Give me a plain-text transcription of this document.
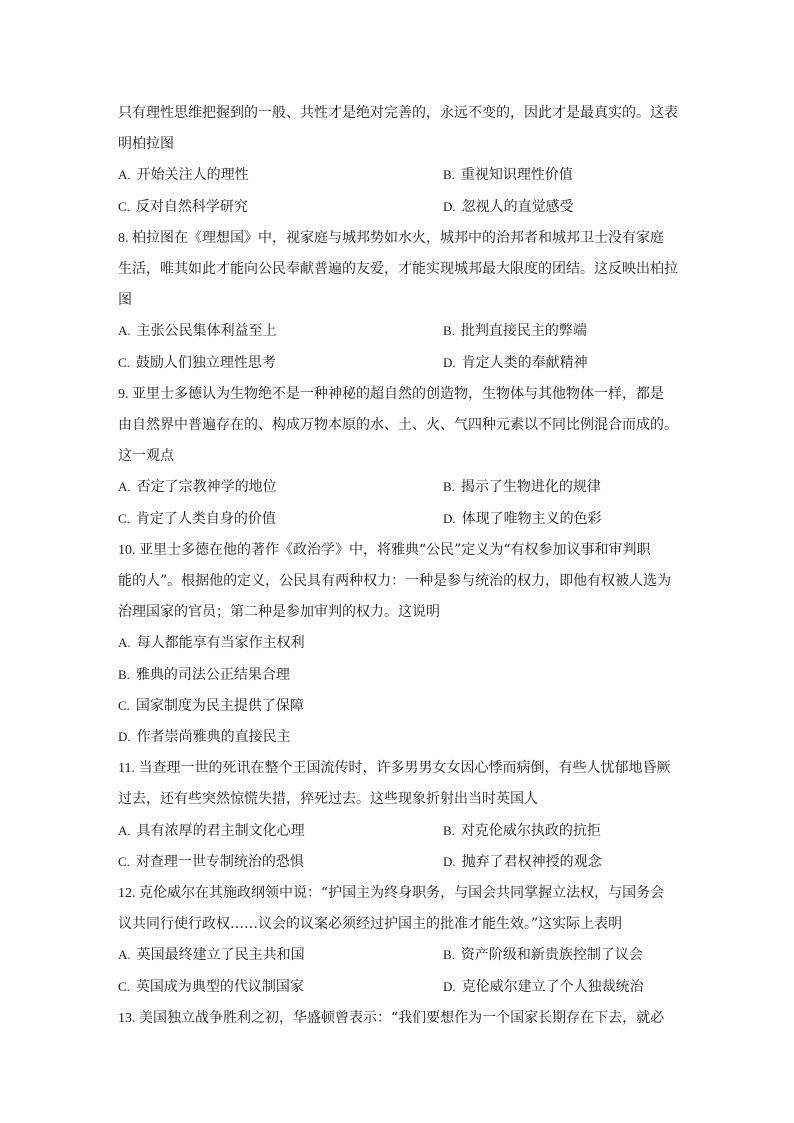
只有理性思维把握到的一般、共性才是绝对完善的，永远不变的，因此才是最真实的。这表
明柏拉图
A. 开始关注人的理性	B. 重视知识理性价值
C. 反对自然科学研究	D. 忽视人的直觉感受
8. 柏拉图在《理想国》中，视家庭与城邦势如水火，城邦中的治邦者和城邦卫士没有家庭
生活，唯其如此才能向公民奉献普遍的友爱，才能实现城邦最大限度的团结。这反映出柏拉
图
A. 主张公民集体利益至上	B. 批判直接民主的弊端
C. 鼓励人们独立理性思考	D. 肯定人类的奉献精神
9. 亚里士多德认为生物绝不是一种神秘的超自然的创造物，生物体与其他物体一样，都是
由自然界中普遍存在的、构成万物本原的水、土、火、气四种元素以不同比例混合而成的。
这一观点
A. 否定了宗教神学的地位	B. 揭示了生物进化的规律
C. 肯定了人类自身的价值	D. 体现了唯物主义的色彩
10. 亚里士多德在他的著作《政治学》中，将雅典“公民”定义为“有权参加议事和审判职
能的人”。根据他的定义，公民具有两种权力：一种是参与统治的权力，即他有权被人选为
治理国家的官员；第二种是参加审判的权力。这说明
A. 每人都能享有当家作主权利
B. 雅典的司法公正结果合理
C. 国家制度为民主提供了保障
D. 作者崇尚雅典的直接民主
11. 当查理一世的死讯在整个王国流传时，许多男男女女因心悸而病倒，有些人忧郁地昏厥
过去，还有些突然惊慌失措，猝死过去。这些现象折射出当时英国人
A. 具有浓厚的君主制文化心理	B. 对克伦威尔执政的抗拒
C. 对查理一世专制统治的恐惧	D. 抛弃了君权神授的观念
12. 克伦威尔在其施政纲领中说：“护国主为终身职务，与国会共同掌握立法权，与国务会
议共同行使行政权……议会的议案必须经过护国主的批准才能生效。”这实际上表明
A. 英国最终建立了民主共和国	B. 资产阶级和新贵族控制了议会
C. 英国成为典型的代议制国家	D. 克伦威尔建立了个人独裁统治
13. 美国独立战争胜利之初，华盛顿曾表示：“我们要想作为一个国家长期存在下去，就必
